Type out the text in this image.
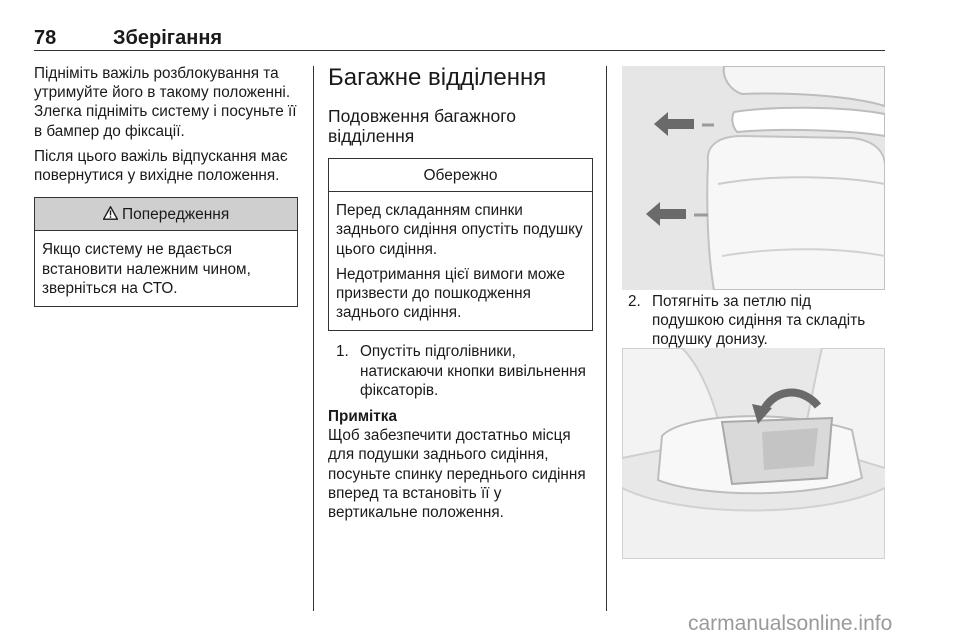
78	Зберігання

Підніміть важіль розблокування та утримуйте його в такому положенні. Злегка підніміть систему і посуньте її в бампер до фіксації.

Після цього важіль відпускання має повернутися у вихідне положення.

Попередження

Якщо систему не вдається встановити належним чином, зверніться на СТО.

Багажне відділення
Подовження багажного відділення
Обережно

Перед складанням спинки заднього сидіння опустіть подушку цього сидіння.

Недотримання цієї вимоги може призвести до пошкодження заднього сидіння.

1. Опустіть підголівники, натискаючи кнопки вивільнення фіксаторів.
Примітка
Щоб забезпечити достатньо місця для подушки заднього сидіння, посуньте спинку переднього сидіння вперед та встановіть її у вертикальне положення.
2. Потягніть за петлю під подушкою сидіння та складіть подушку донизу.
carmanualsonline.info
